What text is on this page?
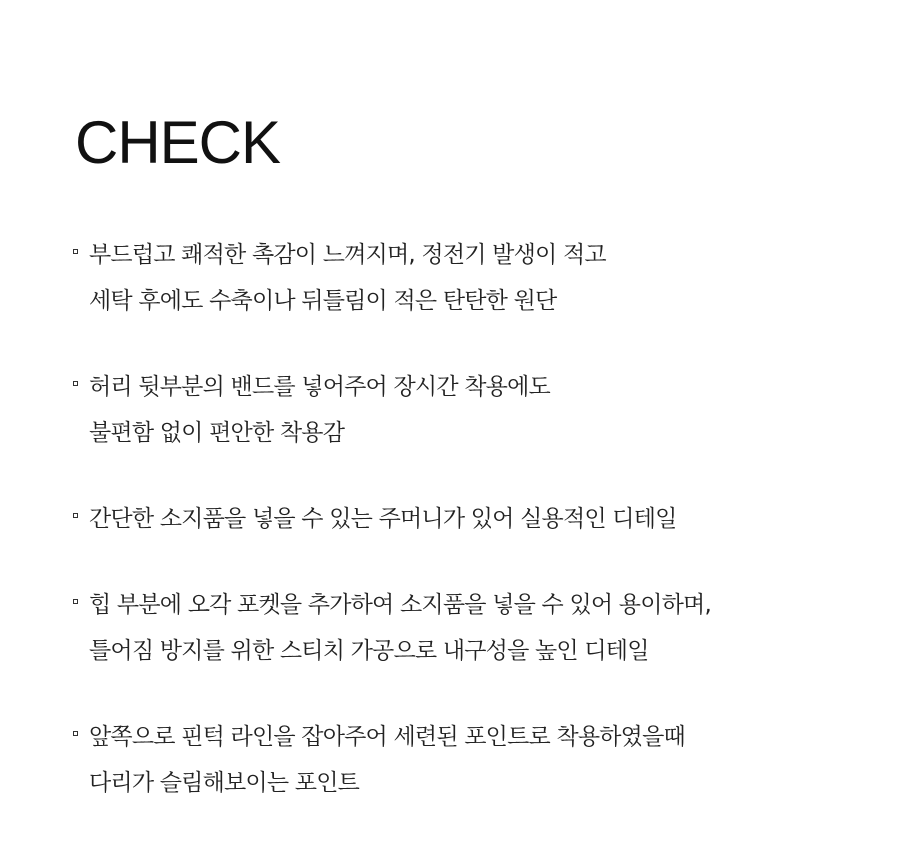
CHECK
부드럽고 쾌적한 촉감이 느껴지며, 정전기 발생이 적고
세탁 후에도 수축이나 뒤틀림이 적은 탄탄한 원단
허리 뒷부분의 밴드를 넣어주어 장시간 착용에도
불편함 없이 편안한 착용감
간단한 소지품을 넣을 수 있는 주머니가 있어 실용적인 디테일
힙 부분에 오각 포켓을 추가하여 소지품을 넣을 수 있어 용이하며,
틀어짐 방지를 위한 스티치 가공으로 내구성을 높인 디테일
앞쪽으로 핀턱 라인을 잡아주어 세련된 포인트로 착용하였을때
다리가 슬림해보이는 포인트
